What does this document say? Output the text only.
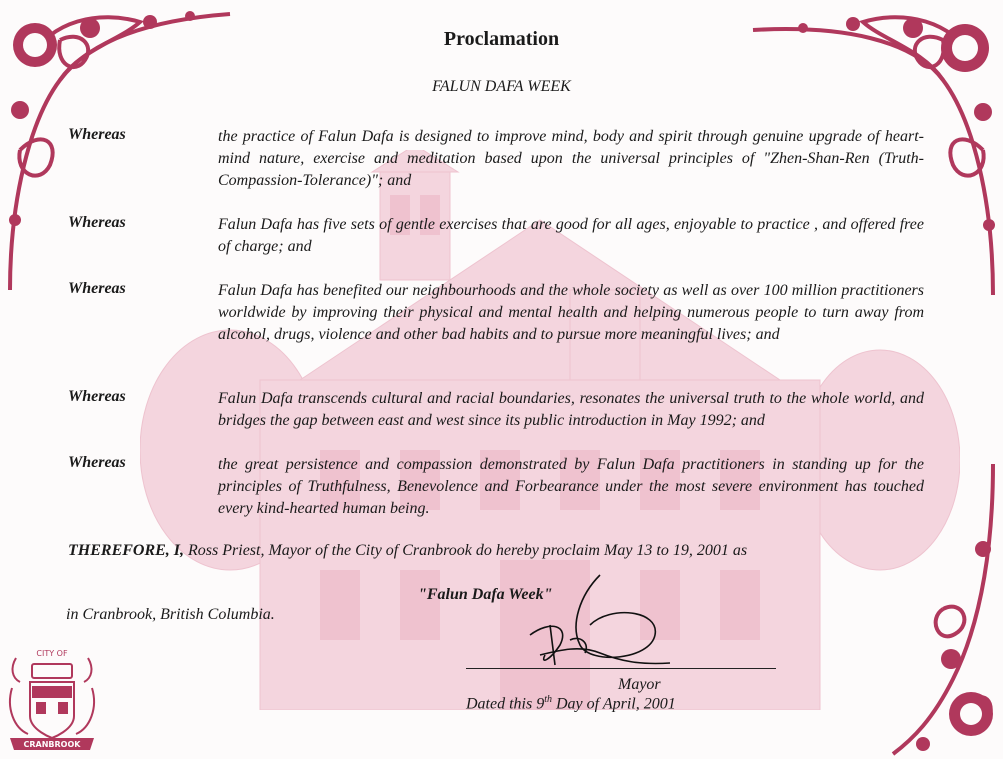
Proclamation
FALUN DAFA WEEK
Whereas	the practice of Falun Dafa is designed to improve mind, body and spirit through genuine upgrade of heart-mind nature, exercise and meditation based upon the universal principles of "Zhen-Shan-Ren (Truth-Compassion-Tolerance)"; and
Whereas	Falun Dafa has five sets of gentle exercises that are good for all ages, enjoyable to practice , and offered free of charge; and
Whereas	Falun Dafa has benefited our neighbourhoods and the whole society as well as over 100 million practitioners worldwide by improving their physical and mental health and helping numerous people to turn away from alcohol, drugs, violence and other bad habits and to pursue more meaningful lives; and
Whereas	Falun Dafa transcends cultural and racial boundaries, resonates the universal truth to the whole world, and bridges the gap between east and west since its public introduction in May 1992; and
Whereas	the great persistence and compassion demonstrated by Falun Dafa practitioners in standing up for the principles of Truthfulness, Benevolence and Forbearance under the most severe environment has touched every kind-hearted human being.
THEREFORE, I, Ross Priest, Mayor of the City of Cranbrook do hereby proclaim May 13 to 19, 2001 as
"Falun Dafa Week"
in Cranbrook, British Columbia.
Mayor
Dated this 9th Day of April, 2001
CITY OF
CRANBROOK
